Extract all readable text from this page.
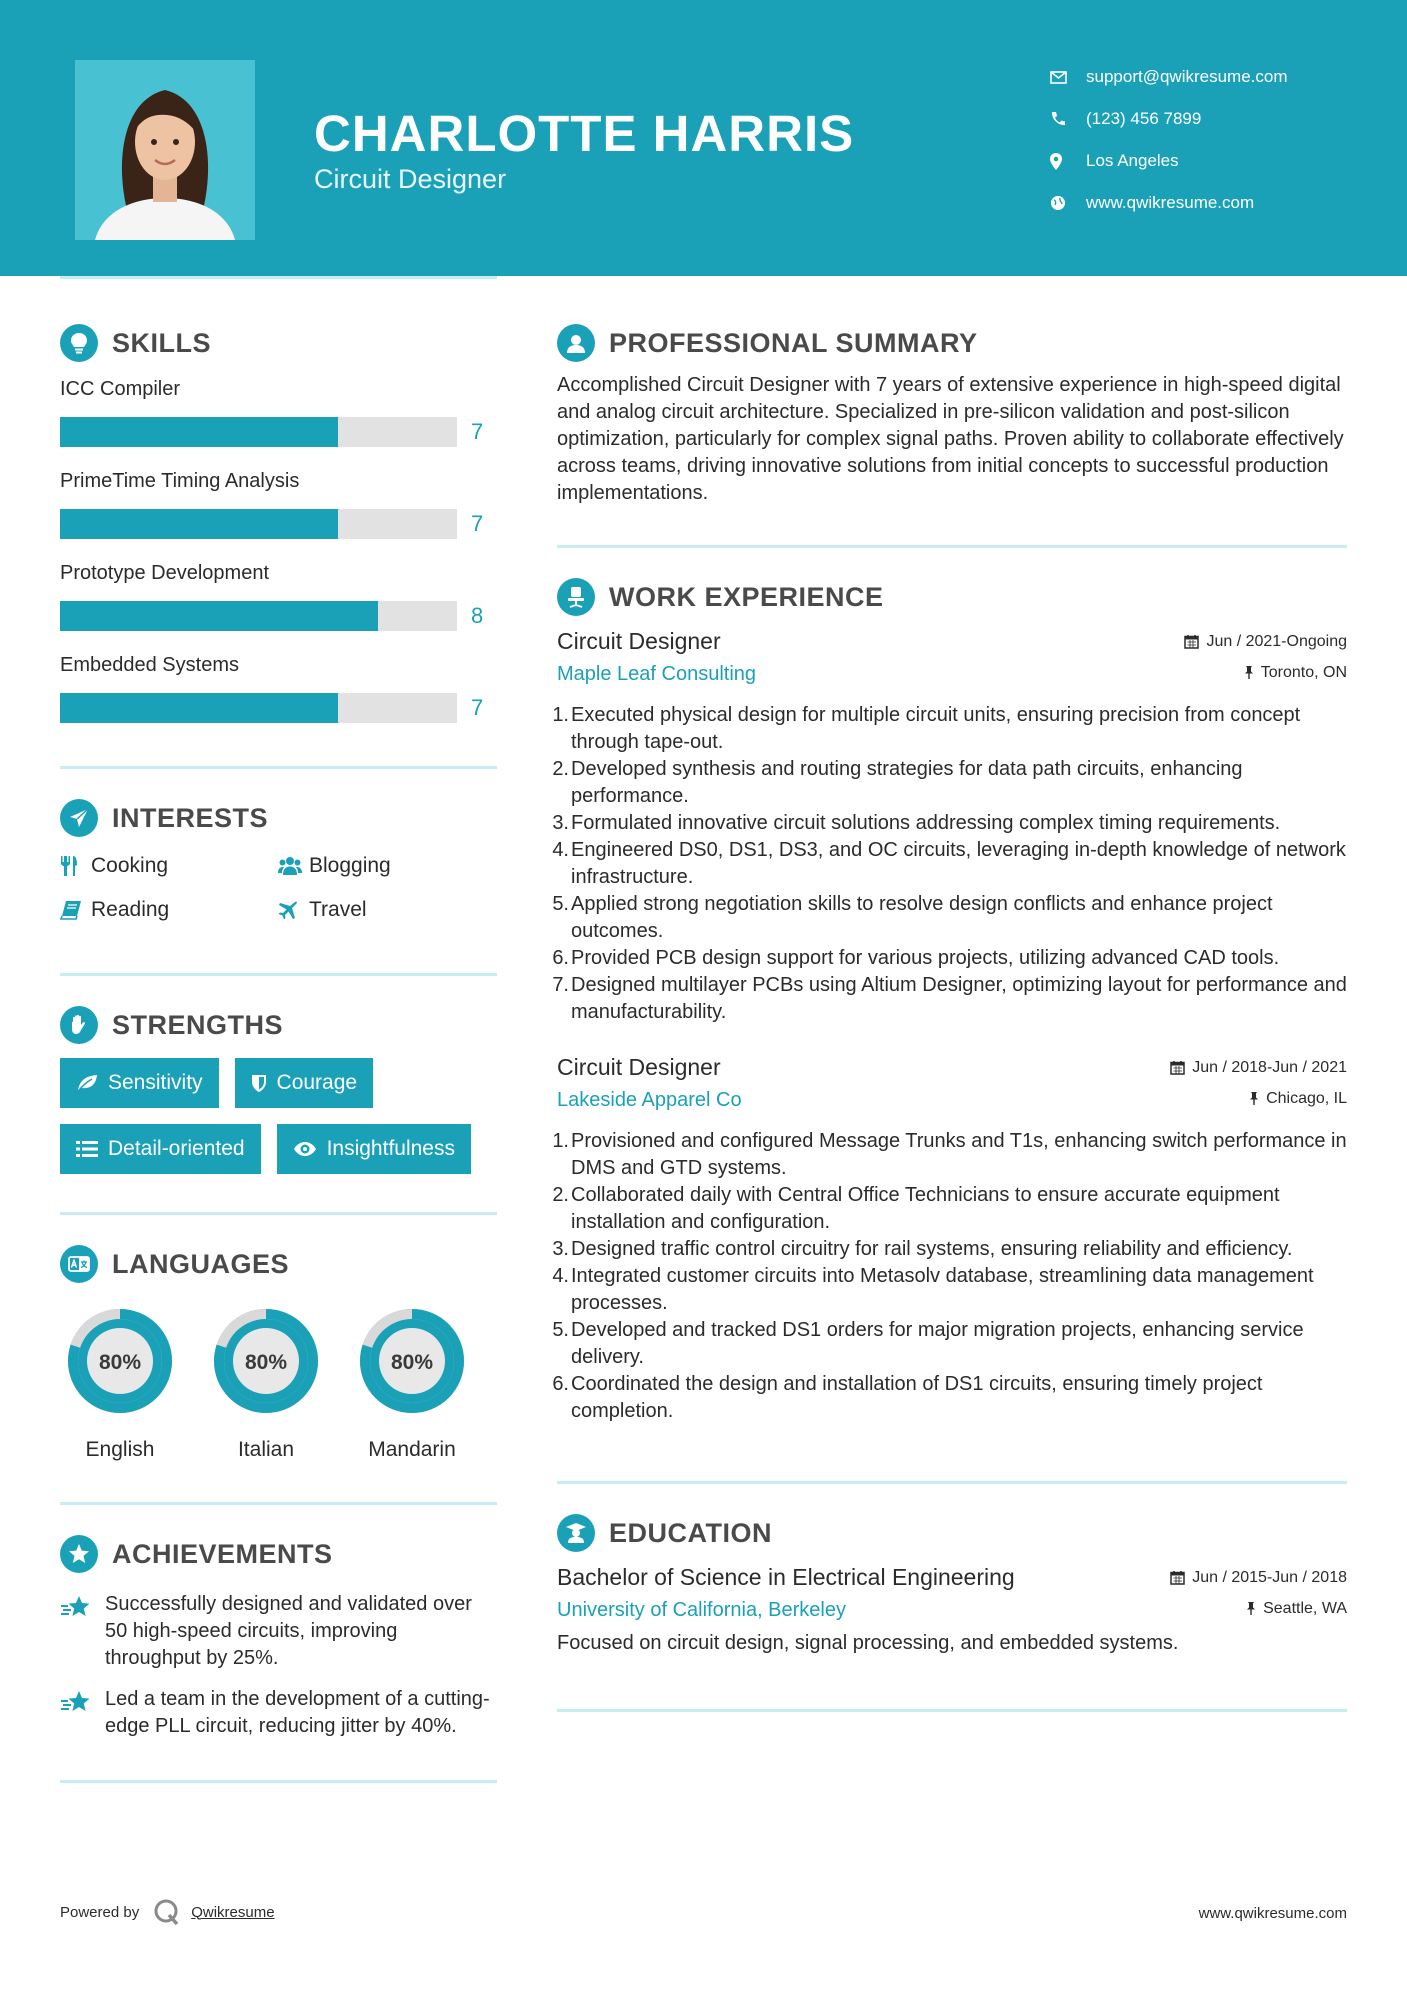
CHARLOTTE HARRIS
Circuit Designer
support@qwikresume.com
(123) 456 7899
Los Angeles
www.qwikresume.com
SKILLS
ICC Compiler
7
PrimeTime Timing Analysis
7
Prototype Development
8
Embedded Systems
7
INTERESTS
Cooking	Blogging
Reading	Travel
STRENGTHS
Sensitivity	Courage
Detail-oriented	Insightfulness
LANGUAGES
80%
English
80%
Italian
80%
Mandarin
ACHIEVEMENTS
Successfully designed and validated over 50 high-speed circuits, improving throughput by 25%.
Led a team in the development of a cutting-edge PLL circuit, reducing jitter by 40%.
PROFESSIONAL SUMMARY

Accomplished Circuit Designer with 7 years of extensive experience in high-speed digital and analog circuit architecture. Specialized in pre-silicon validation and post-silicon optimization, particularly for complex signal paths. Proven ability to collaborate effectively across teams, driving innovative solutions from initial concepts to successful production implementations.

WORK EXPERIENCE
Circuit Designer	Jun / 2021-Ongoing
Maple Leaf Consulting	Toronto, ON
1. Executed physical design for multiple circuit units, ensuring precision from concept through tape-out.
2. Developed synthesis and routing strategies for data path circuits, enhancing performance.
3. Formulated innovative circuit solutions addressing complex timing requirements.
4. Engineered DS0, DS1, DS3, and OC circuits, leveraging in-depth knowledge of network infrastructure.
5. Applied strong negotiation skills to resolve design conflicts and enhance project outcomes.
6. Provided PCB design support for various projects, utilizing advanced CAD tools.
7. Designed multilayer PCBs using Altium Designer, optimizing layout for performance and manufacturability.
Circuit Designer	Jun / 2018-Jun / 2021
Lakeside Apparel Co	Chicago, IL
1. Provisioned and configured Message Trunks and T1s, enhancing switch performance in DMS and GTD systems.
2. Collaborated daily with Central Office Technicians to ensure accurate equipment installation and configuration.
3. Designed traffic control circuitry for rail systems, ensuring reliability and efficiency.
4. Integrated customer circuits into Metasolv database, streamlining data management processes.
5. Developed and tracked DS1 orders for major migration projects, enhancing service delivery.
6. Coordinated the design and installation of DS1 circuits, ensuring timely project completion.
EDUCATION
Bachelor of Science in Electrical Engineering	Jun / 2015-Jun / 2018
University of California, Berkeley	Seattle, WA

Focused on circuit design, signal processing, and embedded systems.

Powered by	Qwikresume	www.qwikresume.com
